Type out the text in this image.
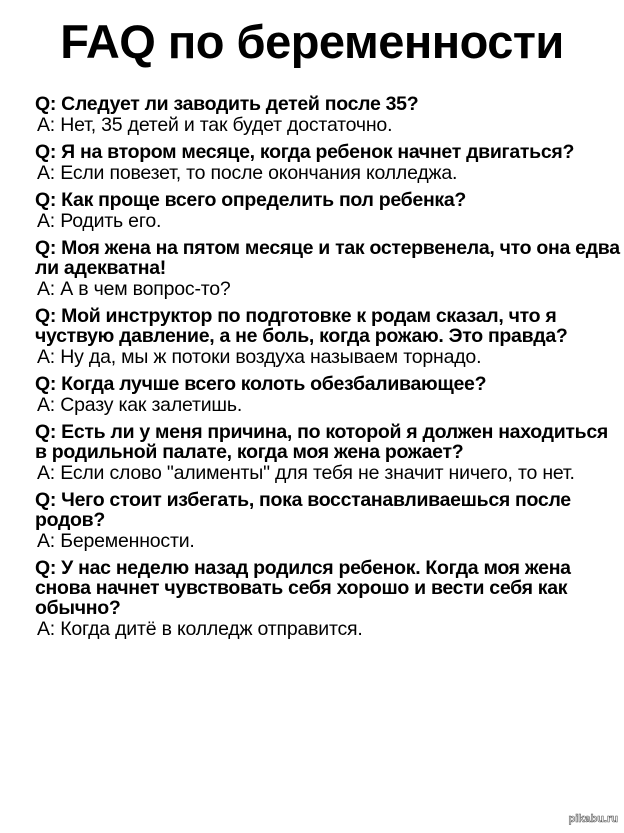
FAQ по беременности
Q: Следует ли заводить детей после 35?
A: Нет, 35 детей и так будет достаточно.
Q: Я на втором месяце, когда ребенок начнет двигаться?
A: Если повезет, то после окончания колледжа.
Q: Как проще всего определить пол ребенка?
A: Родить его.
Q: Моя жена на пятом месяце и так остервенела, что она едва ли адекватна!
A: А в чем вопрос-то?
Q: Мой инструктор по подготовке к родам сказал, что я чуствую давление, а не боль, когда рожаю. Это правда?
A: Ну да, мы ж потоки воздуха называем торнадо.
Q: Когда лучше всего колоть обезбаливающее?
A: Сразу как залетишь.
Q: Есть ли у меня причина, по которой я должен находиться в родильной палате, когда моя жена рожает?
A: Если слово "алименты" для тебя не значит ничего, то нет.
Q: Чего стоит избегать, пока восстанавливаешься после родов?
A: Беременности.
Q: У нас неделю назад родился ребенок. Когда моя жена снова начнет чувствовать себя хорошо и вести себя как обычно?
A: Когда дитё в колледж отправится.
pikabu.ru
